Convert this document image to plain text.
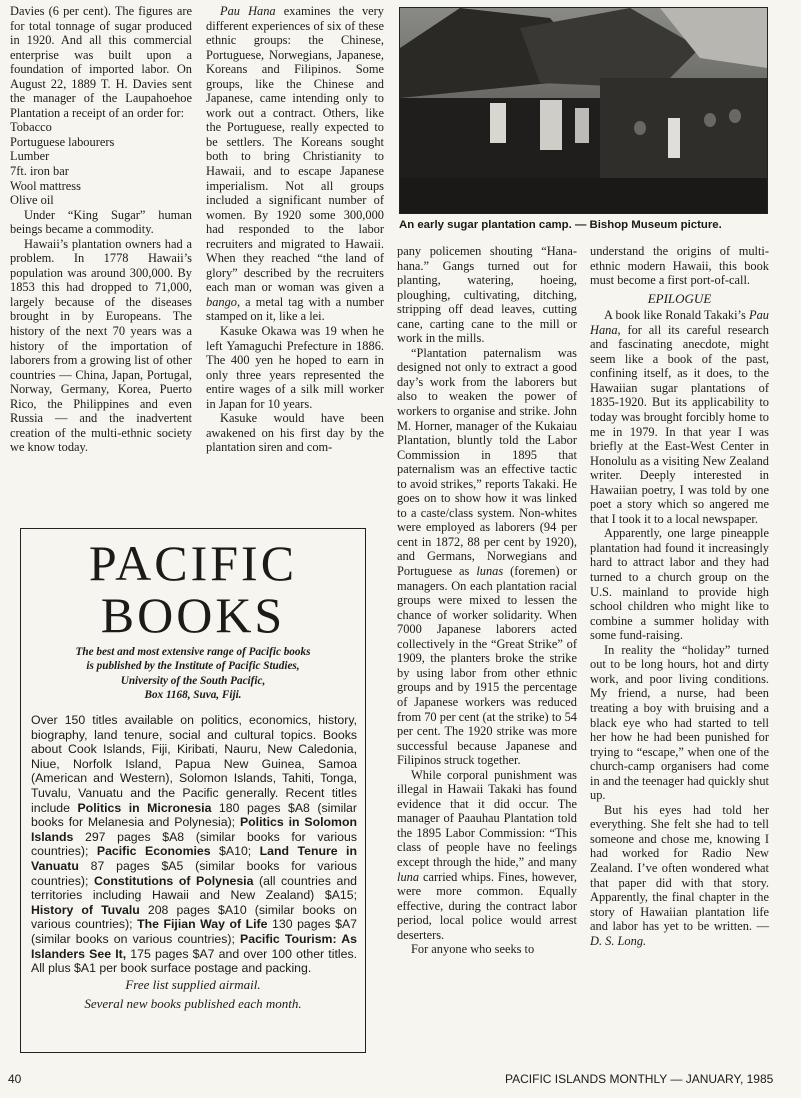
Davies (6 per cent). The figures are for total tonnage of sugar produced in 1920. And all this commercial enterprise was built upon a foundation of imported labor. On August 22, 1889 T. H. Davies sent the manager of the Laupahoehoe Plantation a receipt of an order for:

Tobacco
Portuguese labourers
Lumber
7ft. iron bar
Wool mattress
Olive oil

Under “King Sugar” human beings became a commodity.

Hawaii’s plantation owners had a problem. In 1778 Hawaii’s population was around 300,000. By 1853 this had dropped to 71,000, largely because of the diseases brought in by Europeans. The history of the next 70 years was a history of the importation of laborers from a growing list of other countries — China, Japan, Portugal, Norway, Germany, Korea, Puerto Rico, the Philippines and even Russia — and the inadvertent creation of the multi-ethnic society we know today.

Pau Hana examines the very different experiences of six of these ethnic groups: the Chinese, Portuguese, Norwegians, Japanese, Koreans and Filipinos. Some groups, like the Chinese and Japanese, came intending only to work out a contract. Others, like the Portuguese, really expected to be settlers. The Koreans sought both to bring Christianity to Hawaii, and to escape Japanese imperialism. Not all groups included a significant number of women. By 1920 some 300,000 had responded to the labor recruiters and migrated to Hawaii. When they reached “the land of glory” described by the recruiters each man or woman was given a bango, a metal tag with a number stamped on it, like a lei.

Kasuke Okawa was 19 when he left Yamaguchi Prefecture in 1886. The 400 yen he hoped to earn in only three years represented the entire wages of a silk mill worker in Japan for 10 years.

Kasuke would have been awakened on his first day by the plantation siren and com-

An early sugar plantation camp. — Bishop Museum picture.

pany policemen shouting “Hana-hana.” Gangs turned out for planting, watering, hoeing, ploughing, cultivating, ditching, stripping off dead leaves, cutting cane, carting cane to the mill or work in the mills.

“Plantation paternalism was designed not only to extract a good day’s work from the laborers but also to weaken the power of workers to organise and strike. John M. Horner, manager of the Kukaiau Plantation, bluntly told the Labor Commission in 1895 that paternalism was an effective tactic to avoid strikes,” reports Takaki. He goes on to show how it was linked to a caste/class system. Non-whites were employed as laborers (94 per cent in 1872, 88 per cent by 1920), and Germans, Norwegians and Portuguese as lunas (foremen) or managers. On each plantation racial groups were mixed to lessen the chance of worker solidarity. When 7000 Japanese laborers acted collectively in the “Great Strike” of 1909, the planters broke the strike by using labor from other ethnic groups and by 1915 the percentage of Japanese workers was reduced from 70 per cent (at the strike) to 54 per cent. The 1920 strike was more successful because Japanese and Filipinos struck together.

While corporal punishment was illegal in Hawaii Takaki has found evidence that it did occur. The manager of Paauhau Plantation told the 1895 Labor Commission: “This class of people have no feelings except through the hide,” and many luna carried whips. Fines, however, were more common. Equally effective, during the contract labor period, local police would arrest deserters.

For anyone who seeks to

understand the origins of multi-ethnic modern Hawaii, this book must become a first port-of-call.

EPILOGUE

A book like Ronald Takaki’s Pau Hana, for all its careful research and fascinating anecdote, might seem like a book of the past, confining itself, as it does, to the Hawaiian sugar plantations of 1835-1920. But its applicability to today was brought forcibly home to me in 1979. In that year I was briefly at the East-West Center in Honolulu as a visiting New Zealand writer. Deeply interested in Hawaiian poetry, I was told by one poet a story which so angered me that I took it to a local newspaper.

Apparently, one large pineapple plantation had found it increasingly hard to attract labor and they had turned to a church group on the U.S. mainland to provide high school children who might like to combine a summer holiday with some fund-raising.

In reality the “holiday” turned out to be long hours, hot and dirty work, and poor living conditions. My friend, a nurse, had been treating a boy with bruising and a black eye who had started to tell her how he had been punished for trying to “escape,” when one of the church-camp organisers had come in and the teenager had quickly shut up.

But his eyes had told her everything. She felt she had to tell someone and chose me, knowing I had worked for Radio New Zealand. I’ve often wondered what that paper did with that story. Apparently, the final chapter in the story of Hawaiian plantation life and labor has yet to be written. — D. S. Long.

PACIFIC
BOOKS
The best and most extensive range of Pacific books
is published by the Institute of Pacific Studies,
University of the South Pacific,
Box 1168, Suva, Fiji.
Over 150 titles available on politics, economics, history, biography, land tenure, social and cultural topics. Books about Cook Islands, Fiji, Kiribati, Nauru, New Caledonia, Niue, Norfolk Island, Papua New Guinea, Samoa (American and Western), Solomon Islands, Tahiti, Tonga, Tuvalu, Vanuatu and the Pacific generally. Recent titles include Politics in Micronesia 180 pages $A8 (similar books for Melanesia and Polynesia); Politics in Solomon Islands 297 pages $A8 (similar books for various countries); Pacific Economies $A10; Land Tenure in Vanuatu 87 pages $A5 (similar books for various countries); Constitutions of Polynesia (all countries and territories including Hawaii and New Zealand) $A15; History of Tuvalu 208 pages $A10 (similar books on various countries); The Fijian Way of Life 130 pages $A7 (similar books on various countries); Pacific Tourism: As Islanders See It, 175 pages $A7 and over 100 other titles. All plus $A1 per book surface postage and packing.
Free list supplied airmail.
Several new books published each month.
40	PACIFIC ISLANDS MONTHLY — JANUARY, 1985
